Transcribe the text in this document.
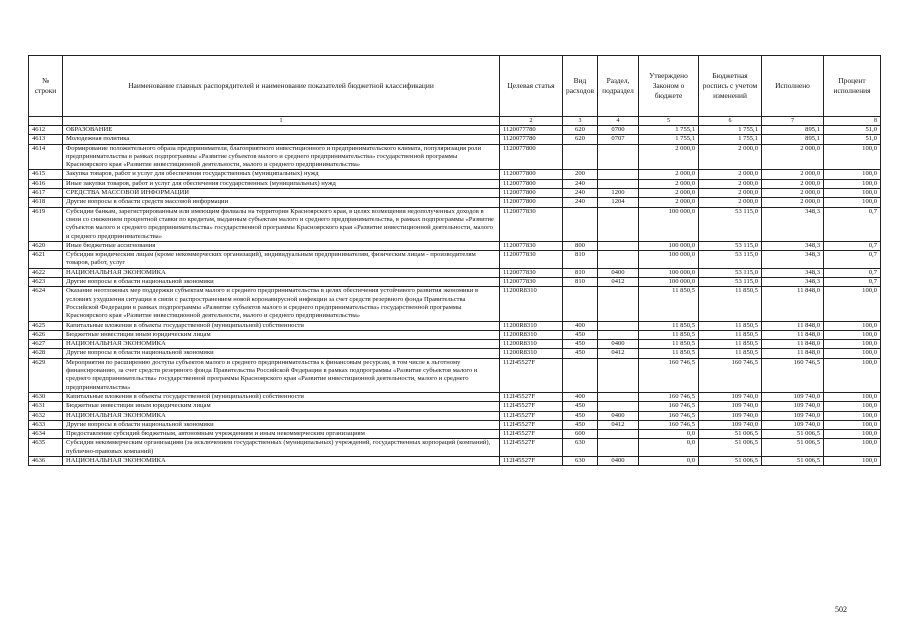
№ строки	Наименование главных распорядителей и наименование показателей бюджетной классификации	Целевая статья	Вид расходов	Раздел, подраздел	Утверждено Законом о бюджете	Бюджетная роспись с учетом изменений	Исполнено	Процент исполнения
	1	2	3	4	5	6	7	8
4612	ОБРАЗОВАНИЕ	1120077780	620	0700	1 755,1	1 755,1	895,1	51,0
4613	Молодежная политика	1120077780	620	0707	1 755,1	1 755,1	895,1	51,0
4614	Формирование положительного образа предпринимателя, благоприятного инвестиционного и предпринимательского климата, популяризация роли предпринимательства в рамках подпрограммы «Развитие субъектов малого и среднего предпринимательства» государственной программы Красноярского края «Развитие инвестиционной деятельности, малого и среднего предпринимательства»	1120077800			2 000,0	2 000,0	2 000,0	100,0
4615	Закупка товаров, работ и услуг для обеспечения государственных (муниципальных) нужд	1120077800	200		2 000,0	2 000,0	2 000,0	100,0
4616	Иные закупки товаров, работ и услуг для обеспечения государственных (муниципальных) нужд	1120077800	240		2 000,0	2 000,0	2 000,0	100,0
4617	СРЕДСТВА МАССОВОЙ ИНФОРМАЦИИ	1120077800	240	1200	2 000,0	2 000,0	2 000,0	100,0
4618	Другие вопросы в области средств массовой информации	1120077800	240	1204	2 000,0	2 000,0	2 000,0	100,0
4619	Субсидии банкам, зарегистрированным или имеющим филиалы на территории Красноярского края, в целях возмещения недополученных доходов в связи со снижением процентной ставки по кредитам, выданным субъектам малого и среднего предпринимательства, в рамках подпрограммы «Развитие субъектов малого и среднего предпринимательства» государственной программы Красноярского края «Развитие инвестиционной деятельности, малого и среднего предпринимательства»	1120077830			100 000,0	53 115,0	348,3	0,7
4620	Иные бюджетные ассигнования	1120077830	800		100 000,0	53 115,0	348,3	0,7
4621	Субсидии юридическим лицам (кроме некоммерческих организаций), индивидуальным предпринимателям, физическим лицам - производителям товаров, работ, услуг	1120077830	810		100 000,0	53 115,0	348,3	0,7
4622	НАЦИОНАЛЬНАЯ ЭКОНОМИКА	1120077830	810	0400	100 000,0	53 115,0	348,3	0,7
4623	Другие вопросы в области национальной экономики	1120077830	810	0412	100 000,0	53 115,0	348,3	0,7
4624	Оказание неотложных мер поддержки субъектам малого и среднего предпринимательства в целях обеспечения устойчивого развития экономики в условиях ухудшения ситуации в связи с распространением новой коронавирусной инфекции за счет средств резервного фонда Правительства Российской Федерации в рамках подпрограммы «Развитие субъектов малого и среднего предпринимательства» государственной программы Красноярского края «Развитие инвестиционной деятельности, малого и среднего предпринимательства»	11200R8310			11 850,5	11 850,5	11 848,0	100,0
4625	Капитальные вложения в объекты государственной (муниципальной) собственности	11200R8310	400		11 850,5	11 850,5	11 848,0	100,0
4626	Бюджетные инвестиции иным юридическим лицам	11200R8310	450		11 850,5	11 850,5	11 848,0	100,0
4627	НАЦИОНАЛЬНАЯ ЭКОНОМИКА	11200R8310	450	0400	11 850,5	11 850,5	11 848,0	100,0
4628	Другие вопросы в области национальной экономики	11200R8310	450	0412	11 850,5	11 850,5	11 848,0	100,0
4629	Мероприятия по расширению доступа субъектов малого и среднего предпринимательства к финансовым ресурсам, в том числе к льготному финансированию, за счет средств резервного фонда Правительства Российской Федерации в рамках подпрограммы «Развитие субъектов малого и среднего предпринимательства» государственной программы Красноярского края «Развитие инвестиционной деятельности, малого и среднего предпринимательства»	112I45527F			160 746,5	160 746,5	160 746,5	100,0
4630	Капитальные вложения в объекты государственной (муниципальной) собственности	112I45527F	400		160 746,5	109 740,0	109 740,0	100,0
4631	Бюджетные инвестиции иным юридическим лицам	112I45527F	450		160 746,5	109 740,0	109 740,0	100,0
4632	НАЦИОНАЛЬНАЯ ЭКОНОМИКА	112I45527F	450	0400	160 746,5	109 740,0	109 740,0	100,0
4633	Другие вопросы в области национальной экономики	112I45527F	450	0412	160 746,5	109 740,0	109 740,0	100,0
4634	Предоставление субсидий бюджетным, автономным учреждениям и иным некоммерческим организациям	112I45527F	600		0,0	51 006,5	51 006,5	100,0
4635	Субсидии некоммерческим организациям (за исключением государственных (муниципальных) учреждений, государственных корпораций (компаний), публично-правовых компаний)	112I45527F	630		0,0	51 006,5	51 006,5	100,0
4636	НАЦИОНАЛЬНАЯ ЭКОНОМИКА	112I45527F	630	0400	0,0	51 006,5	51 006,5	100,0
502
